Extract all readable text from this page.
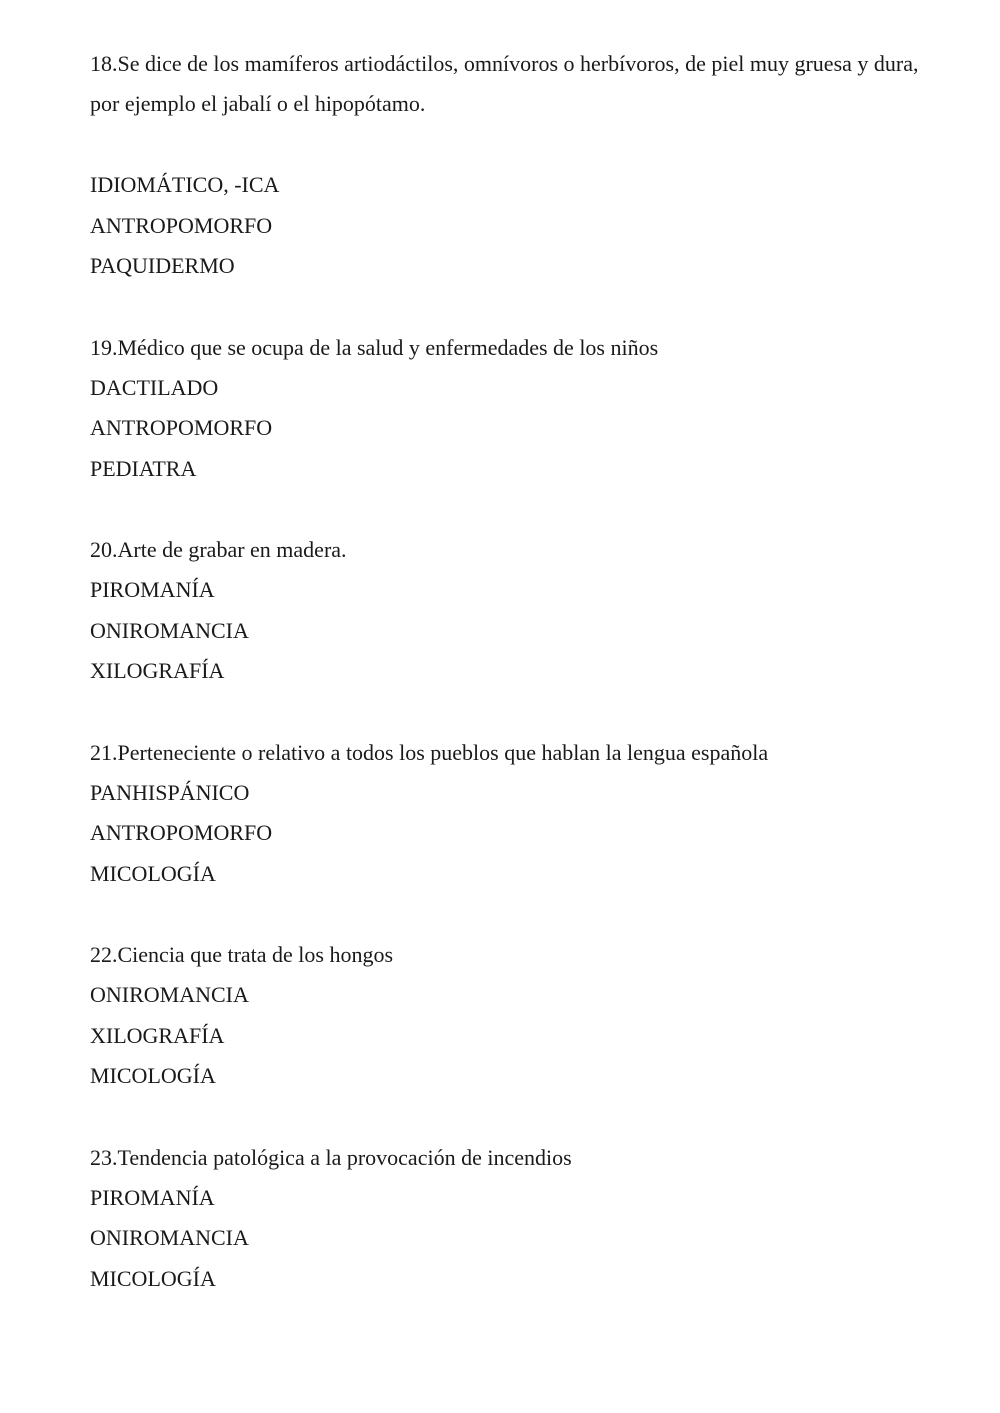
18.Se dice de los mamíferos artiodáctilos, omnívoros o herbívoros, de piel muy gruesa y dura, por ejemplo el jabalí o el hipopótamo.

IDIOMÁTICO, -ICA

ANTROPOMORFO

PAQUIDERMO

19.Médico que se ocupa de la salud y enfermedades de los niños

DACTILADO

ANTROPOMORFO

PEDIATRA

20.Arte de grabar en madera.

PIROMANÍA

ONIROMANCIA

XILOGRAFÍA

21.Perteneciente o relativo a todos los pueblos que hablan la lengua española

PANHISPÁNICO

ANTROPOMORFO

MICOLOGÍA

22.Ciencia que trata de los hongos

ONIROMANCIA

XILOGRAFÍA

MICOLOGÍA

23.Tendencia patológica a la provocación de incendios

PIROMANÍA

ONIROMANCIA

MICOLOGÍA
